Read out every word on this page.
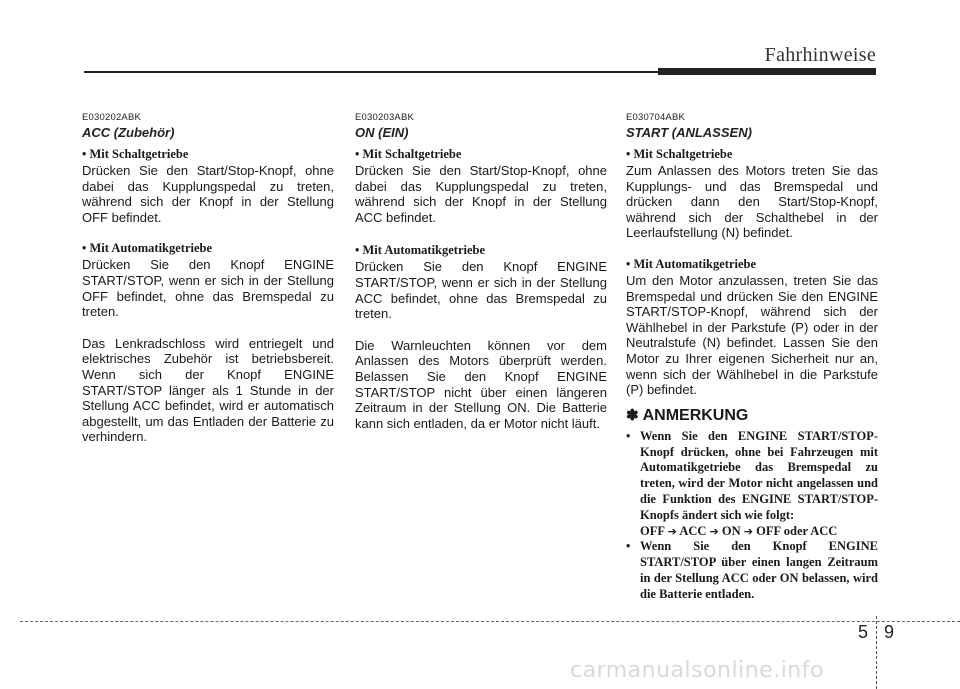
Fahrhinweise
E030202ABK
ACC (Zubehör)
• Mit Schaltgetriebe
Drücken Sie den Start/Stop-Knopf, ohne dabei das Kupplungspedal zu treten, während sich der Knopf in der Stellung OFF befindet.
• Mit Automatikgetriebe
Drücken Sie den Knopf ENGINE START/STOP, wenn er sich in der Stellung OFF befindet, ohne das Bremspedal zu treten.
Das Lenkradschloss wird entriegelt und elektrisches Zubehör ist betriebsbereit. Wenn sich der Knopf ENGINE START/STOP länger als 1 Stunde in der Stellung ACC befindet, wird er automatisch abgestellt, um das Entladen der Batterie zu verhindern.
E030203ABK
ON (EIN)
• Mit Schaltgetriebe
Drücken Sie den Start/Stop-Knopf, ohne dabei das Kupplungspedal zu treten, während sich der Knopf in der Stellung ACC befindet.
• Mit Automatikgetriebe
Drücken Sie den Knopf ENGINE START/STOP, wenn er sich in der Stellung ACC befindet, ohne das Bremspedal zu treten.
Die Warnleuchten können vor dem Anlassen des Motors überprüft werden. Belassen Sie den Knopf ENGINE START/STOP nicht über einen längeren Zeitraum in der Stellung ON. Die Batterie kann sich entladen, da er Motor nicht läuft.
E030704ABK
START (ANLASSEN)
• Mit Schaltgetriebe
Zum Anlassen des Motors treten Sie das Kupplungs- und das Bremspedal und drücken dann den Start/Stop-Knopf, während sich der Schalthebel in der Leerlaufstellung (N) befindet.
• Mit Automatikgetriebe
Um den Motor anzulassen, treten Sie das Bremspedal und drücken Sie den ENGINE START/STOP-Knopf, während sich der Wählhebel in der Parkstufe (P) oder in der Neutralstufe (N) befindet. Lassen Sie den Motor zu Ihrer eigenen Sicherheit nur an, wenn sich der Wählhebel in die Parkstufe (P) befindet.
✽ ANMERKUNG
• Wenn Sie den ENGINE START/STOP-Knopf drücken, ohne bei Fahrzeugen mit Automatikgetriebe das Bremspedal zu treten, wird der Motor nicht angelassen und die Funktion des ENGINE START/STOP-Knopfs ändert sich wie folgt:
OFF ➔ ACC ➔ ON ➔ OFF oder ACC
• Wenn Sie den Knopf ENGINE START/STOP über einen langen Zeitraum in der Stellung ACC oder ON belassen, wird die Batterie entladen.
5 9
carmanualsonline.info
